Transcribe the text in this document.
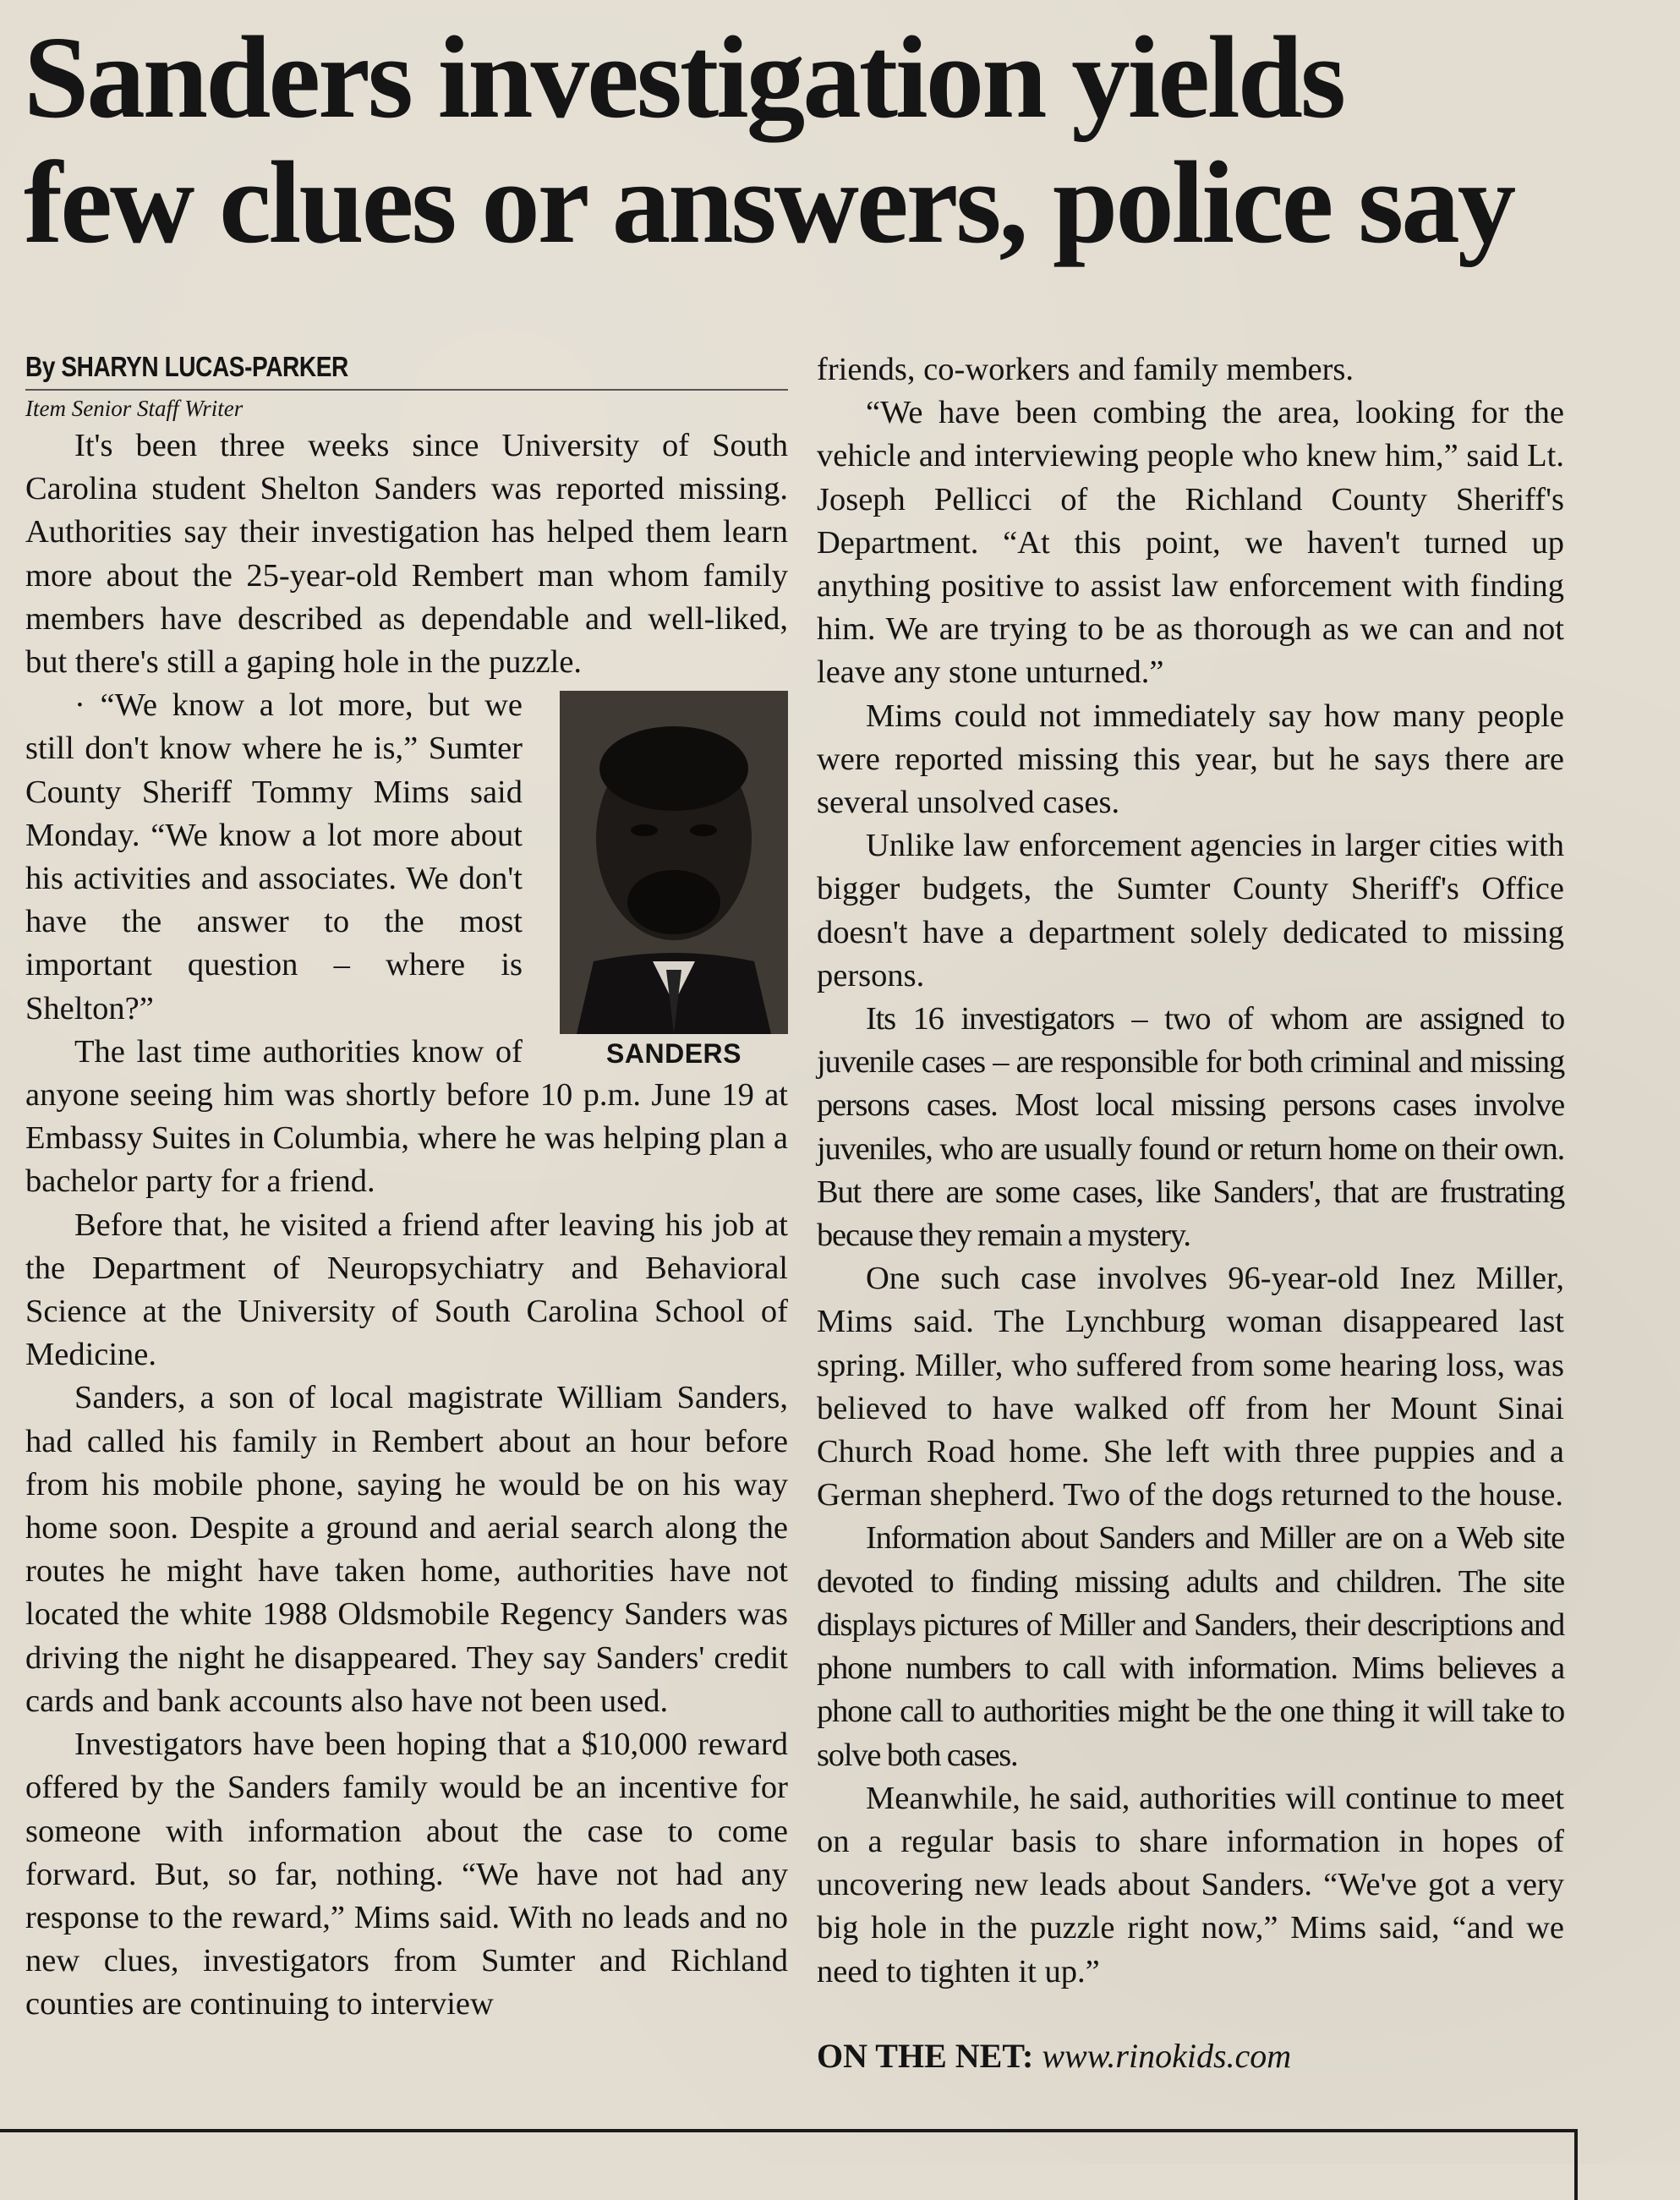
Sanders investigation yields
few clues or answers, police say
By SHARYN LUCAS-PARKER
Item Senior Staff Writer

It's been three weeks since University of South Carolina student Shelton Sanders was reported missing. Authorities say their investigation has helped them learn more about the 25-year-old Rembert man whom family members have described as dependable and well-liked, but there's still a gaping hole in the puzzle.

SANDERS

· “We know a lot more, but we still don't know where he is,” Sumter County Sheriff Tommy Mims said Monday. “We know a lot more about his activities and associates. We don't have the answer to the most important question – where is Shelton?”

The last time authorities know of anyone seeing him was shortly before 10 p.m. June 19 at Embassy Suites in Columbia, where he was helping plan a bachelor party for a friend.

Before that, he visited a friend after leaving his job at the Department of Neuropsychiatry and Behavioral Science at the University of South Carolina School of Medicine.

Sanders, a son of local magistrate William Sanders, had called his family in Rembert about an hour before from his mobile phone, saying he would be on his way home soon. Despite a ground and aerial search along the routes he might have taken home, authorities have not located the white 1988 Oldsmobile Regency Sanders was driving the night he disappeared. They say Sanders' credit cards and bank accounts also have not been used.

Investigators have been hoping that a $10,000 reward offered by the Sanders family would be an incentive for someone with information about the case to come forward. But, so far, nothing. “We have not had any response to the reward,” Mims said. With no leads and no new clues, investigators from Sumter and Richland counties are continuing to interview

friends, co-workers and family members.

“We have been combing the area, looking for the vehicle and interviewing people who knew him,” said Lt. Joseph Pellicci of the Richland County Sheriff's Department. “At this point, we haven't turned up anything positive to assist law enforcement with finding him. We are trying to be as thorough as we can and not leave any stone unturned.”

Mims could not immediately say how many people were reported missing this year, but he says there are several unsolved cases.

Unlike law enforcement agencies in larger cities with bigger budgets, the Sumter County Sheriff's Office doesn't have a department solely dedicated to missing persons.

Its 16 investigators – two of whom are assigned to juvenile cases – are responsible for both criminal and missing persons cases. Most local missing persons cases involve juveniles, who are usually found or return home on their own. But there are some cases, like Sanders', that are frustrating because they remain a mystery.

One such case involves 96-year-old Inez Miller, Mims said. The Lynchburg woman disappeared last spring. Miller, who suffered from some hearing loss, was believed to have walked off from her Mount Sinai Church Road home. She left with three puppies and a German shepherd. Two of the dogs returned to the house.

Information about Sanders and Miller are on a Web site devoted to finding missing adults and children. The site displays pictures of Miller and Sanders, their descriptions and phone numbers to call with information. Mims believes a phone call to authorities might be the one thing it will take to solve both cases.

Meanwhile, he said, authorities will continue to meet on a regular basis to share information in hopes of uncovering new leads about Sanders. “We've got a very big hole in the puzzle right now,” Mims said, “and we need to tighten it up.”

ON THE NET: www.rinokids.com
